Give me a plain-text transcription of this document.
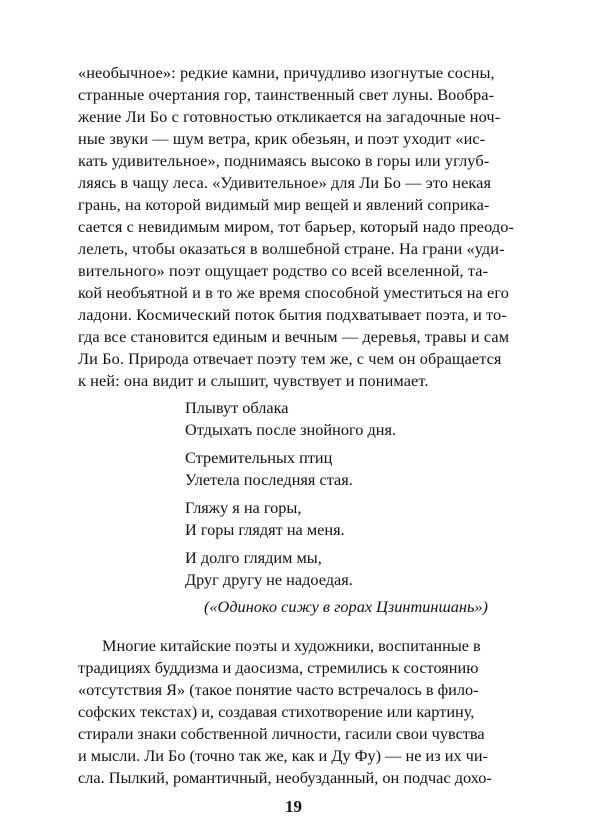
«необычное»: редкие камни, причудливо изогнутые сосны,
странные очертания гор, таинственный свет луны. Вообра-
жение Ли Бо с готовностью откликается на загадочные ноч-
ные звуки — шум ветра, крик обезьян, и поэт уходит «ис-
кать удивительное», поднимаясь высоко в горы или углуб-
ляясь в чащу леса. «Удивительное» для Ли Бо — это некая
грань, на которой видимый мир вещей и явлений соприка-
сается с невидимым миром, тот барьер, который надо преодо-
лелеть, чтобы оказаться в волшебной стране. На грани «уди-
вительного» поэт ощущает родство со всей вселенной, та-
кой необъятной и в то же время способной уместиться на его
ладони. Космический поток бытия подхватывает поэта, и то-
гда все становится единым и вечным — деревья, травы и сам
Ли Бо. Природа отвечает поэту тем же, с чем он обращается
к ней: она видит и слышит, чувствует и понимает.
Плывут облака
Отдыхать после знойного дня.
Стремительных птиц
Улетела последняя стая.
Гляжу я на горы,
И горы глядят на меня.
И долго глядим мы,
Друг другу не надоедая.
(«Одиноко сижу в горах Цзинтиншань»)
Многие китайские поэты и художники, воспитанные в
традициях буддизма и даосизма, стремились к состоянию
«отсутствия Я» (такое понятие часто встречалось в фило-
софских текстах) и, создавая стихотворение или картину,
стирали знаки собственной личности, гасили свои чувства
и мысли. Ли Бо (точно так же, как и Ду Фу) — не из их чи-
сла. Пылкий, романтичный, необузданный, он подчас дохо-
19
